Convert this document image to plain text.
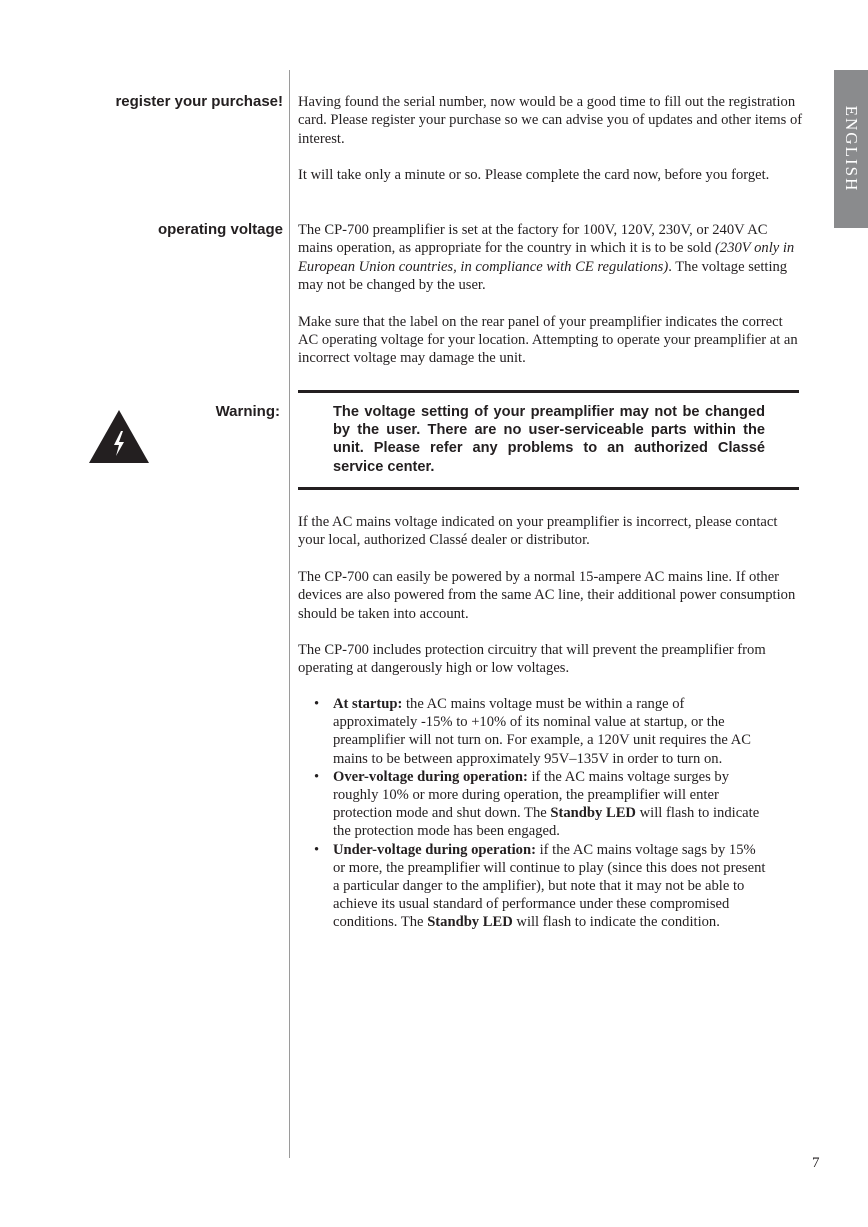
ENGLISH
register your purchase! Having found the serial number, now would be a good time to fill out the registration card. Please register your purchase so we can advise you of updates and other items of interest.

It will take only a minute or so. Please complete the card now, before you forget.

operating voltage The CP-700 preamplifier is set at the factory for 100V, 120V, 230V, or 240V AC mains operation, as appropriate for the country in which it is to be sold (230V only in European Union countries, in compliance with CE regulations). The voltage setting may not be changed by the user.

Make sure that the label on the rear panel of your preamplifier indicates the correct AC operating voltage for your location. Attempting to operate your preamplifier at an incorrect voltage may damage the unit.

Warning:	The voltage setting of your preamplifier may not be changed by the user. There are no user-serviceable parts within the unit. Please refer any problems to an authorized Classé service center.

If the AC mains voltage indicated on your preamplifier is incorrect, please contact your local, authorized Classé dealer or distributor.

The CP-700 can easily be powered by a normal 15-ampere AC mains line. If other devices are also powered from the same AC line, their additional power consumption should be taken into account.

The CP-700 includes protection circuitry that will prevent the preamplifier from operating at dangerously high or low voltages.

• At startup: the AC mains voltage must be within a range of approximately -15% to +10% of its nominal value at startup, or the preamplifier will not turn on. For example, a 120V unit requires the AC mains to be between approximately 95V–135V in order to turn on.
• Over-voltage during operation: if the AC mains voltage surges by roughly 10% or more during operation, the preamplifier will enter protection mode and shut down. The Standby LED will flash to indicate the protection mode has been engaged.
• Under-voltage during operation: if the AC mains voltage sags by 15% or more, the preamplifier will continue to play (since this does not present a particular danger to the amplifier), but note that it may not be able to achieve its usual standard of performance under these compromised conditions. The Standby LED will flash to indicate the condition.
7
